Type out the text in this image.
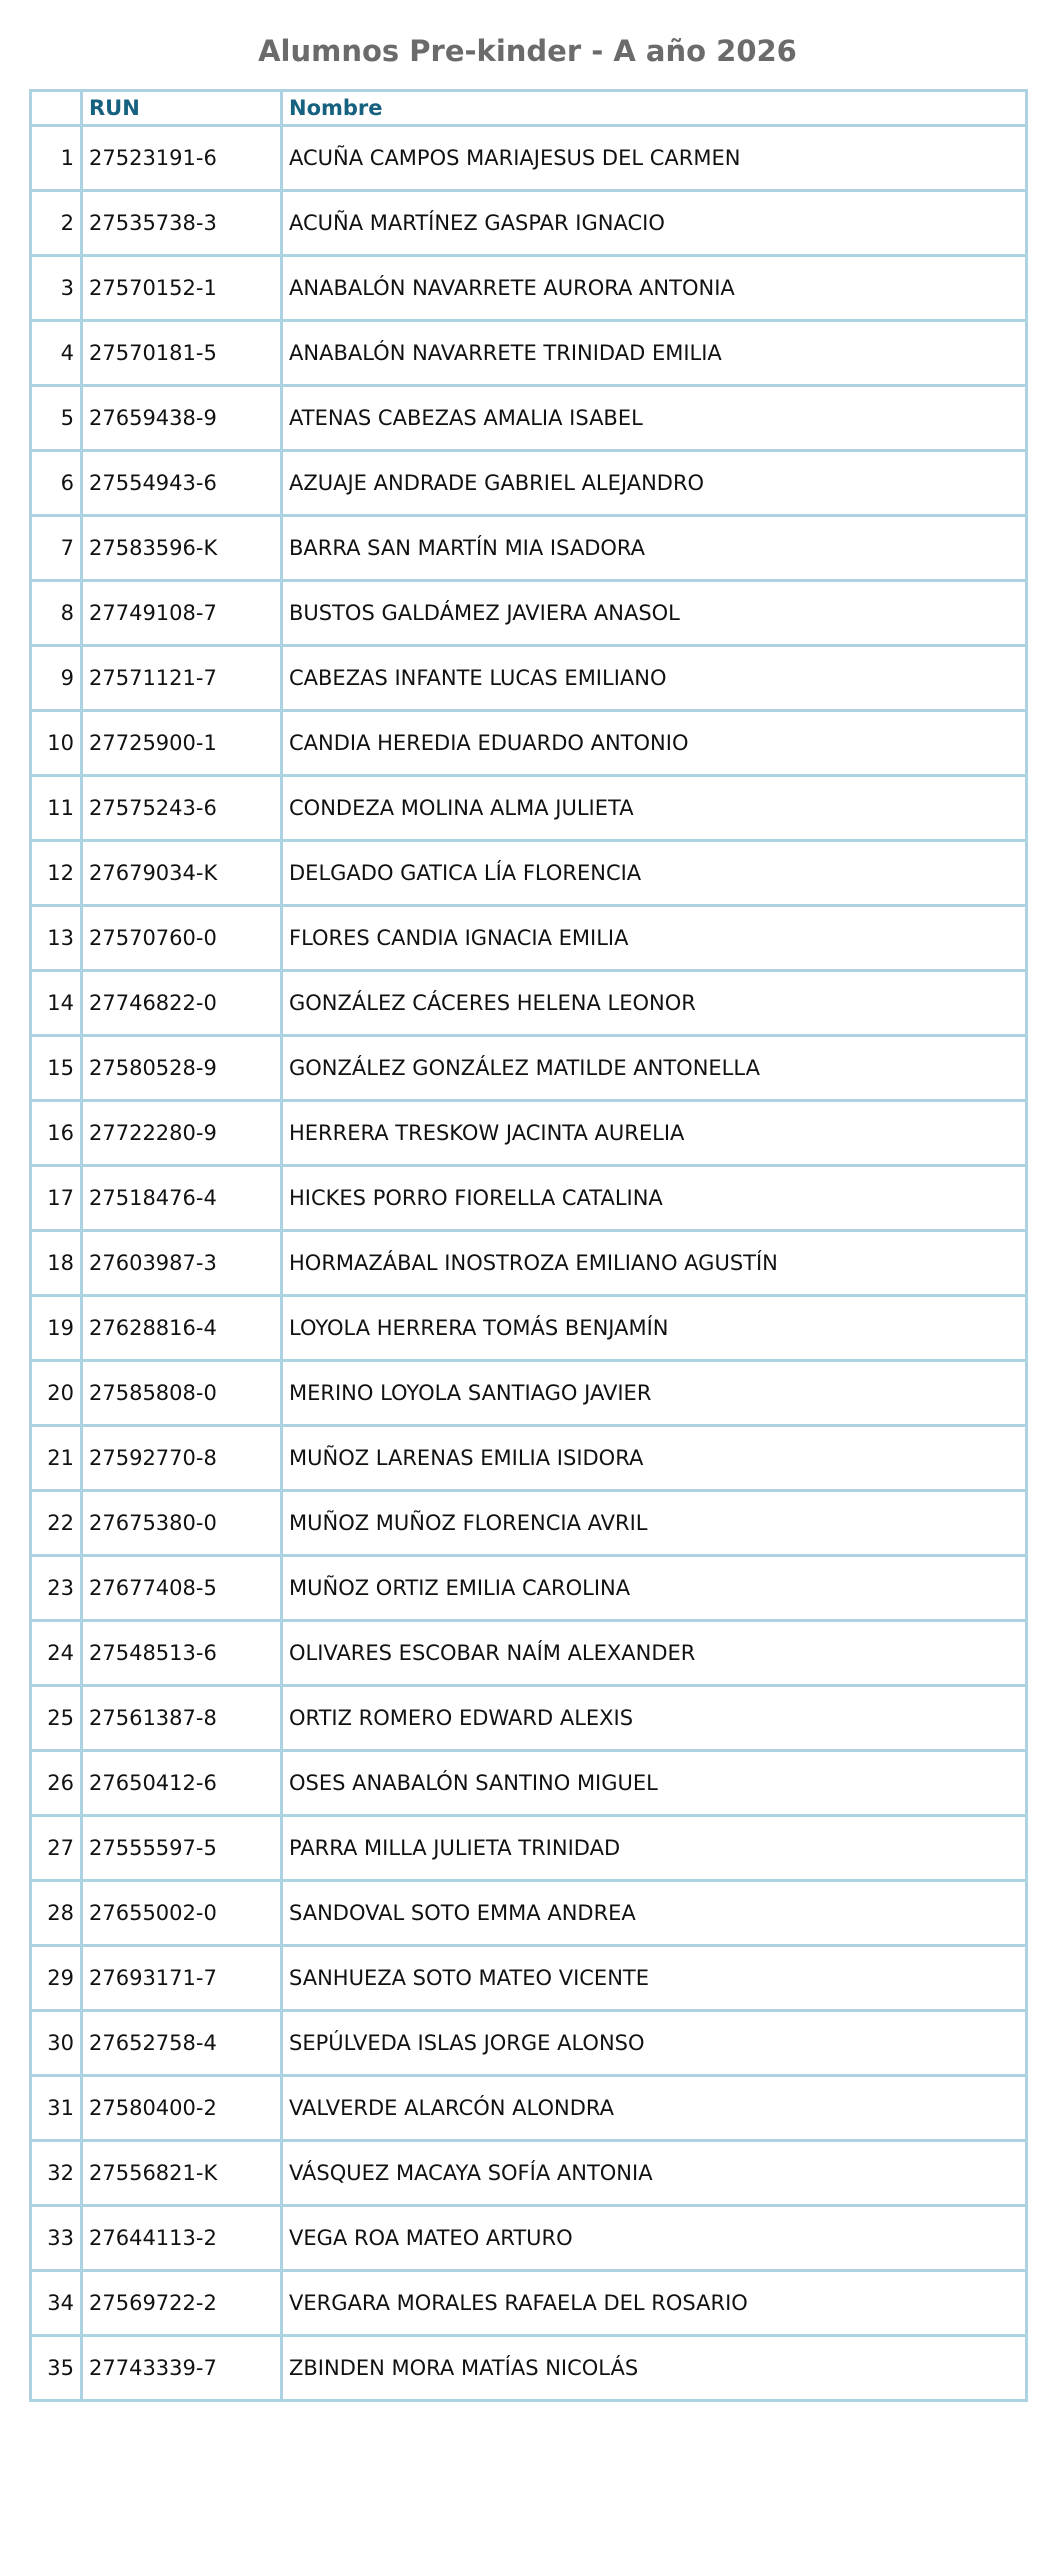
Alumnos Pre-kinder - A año 2026
	RUN	Nombre
1	27523191-6	ACUÑA CAMPOS MARIAJESUS DEL CARMEN
2	27535738-3	ACUÑA MARTÍNEZ GASPAR IGNACIO
3	27570152-1	ANABALÓN NAVARRETE AURORA ANTONIA
4	27570181-5	ANABALÓN NAVARRETE TRINIDAD EMILIA
5	27659438-9	ATENAS CABEZAS AMALIA ISABEL
6	27554943-6	AZUAJE ANDRADE GABRIEL ALEJANDRO
7	27583596-K	BARRA SAN MARTÍN MIA ISADORA
8	27749108-7	BUSTOS GALDÁMEZ JAVIERA ANASOL
9	27571121-7	CABEZAS INFANTE LUCAS EMILIANO
10	27725900-1	CANDIA HEREDIA EDUARDO ANTONIO
11	27575243-6	CONDEZA MOLINA ALMA JULIETA
12	27679034-K	DELGADO GATICA LÍA FLORENCIA
13	27570760-0	FLORES CANDIA IGNACIA EMILIA
14	27746822-0	GONZÁLEZ CÁCERES HELENA LEONOR
15	27580528-9	GONZÁLEZ GONZÁLEZ MATILDE ANTONELLA
16	27722280-9	HERRERA TRESKOW JACINTA AURELIA
17	27518476-4	HICKES PORRO FIORELLA CATALINA
18	27603987-3	HORMAZÁBAL INOSTROZA EMILIANO AGUSTÍN
19	27628816-4	LOYOLA HERRERA TOMÁS BENJAMÍN
20	27585808-0	MERINO LOYOLA SANTIAGO JAVIER
21	27592770-8	MUÑOZ LARENAS EMILIA ISIDORA
22	27675380-0	MUÑOZ MUÑOZ FLORENCIA AVRIL
23	27677408-5	MUÑOZ ORTIZ EMILIA CAROLINA
24	27548513-6	OLIVARES ESCOBAR NAÍM ALEXANDER
25	27561387-8	ORTIZ ROMERO EDWARD ALEXIS
26	27650412-6	OSES ANABALÓN SANTINO MIGUEL
27	27555597-5	PARRA MILLA JULIETA TRINIDAD
28	27655002-0	SANDOVAL SOTO EMMA ANDREA
29	27693171-7	SANHUEZA SOTO MATEO VICENTE
30	27652758-4	SEPÚLVEDA ISLAS JORGE ALONSO
31	27580400-2	VALVERDE ALARCÓN ALONDRA
32	27556821-K	VÁSQUEZ MACAYA SOFÍA ANTONIA
33	27644113-2	VEGA ROA MATEO ARTURO
34	27569722-2	VERGARA MORALES RAFAELA DEL ROSARIO
35	27743339-7	ZBINDEN MORA MATÍAS NICOLÁS
